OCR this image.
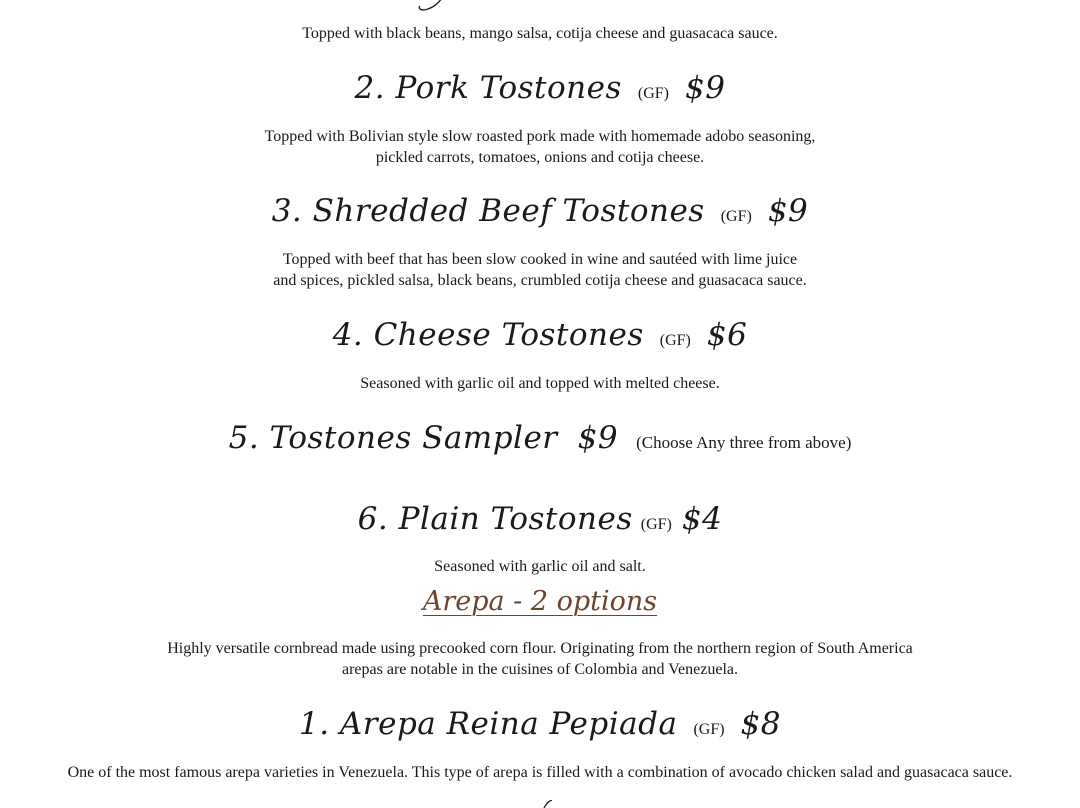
Topped with black beans, mango salsa, cotija cheese and guasacaca sauce.
2. Pork Tostones (GF) $9
Topped with Bolivian style slow roasted pork made with homemade adobo seasoning,
pickled carrots, tomatoes, onions and cotija cheese.
3. Shredded Beef Tostones (GF) $9
Topped with beef that has been slow cooked in wine and sautéed with lime juice
and spices, pickled salsa, black beans, crumbled cotija cheese and guasacaca sauce.
4. Cheese Tostones (GF) $6
Seasoned with garlic oil and topped with melted cheese.
5. Tostones Sampler $9 (Choose Any three from above)
6. Plain Tostones (GF) $4
Seasoned with garlic oil and salt.
Arepa - 2 options
Highly versatile cornbread made using precooked corn flour. Originating from the northern region of South America
arepas are notable in the cuisines of Colombia and Venezuela.
1. Arepa Reina Pepiada (GF) $8
One of the most famous arepa varieties in Venezuela. This type of arepa is filled with a combination of avocado chicken salad and guasacaca sauce.
